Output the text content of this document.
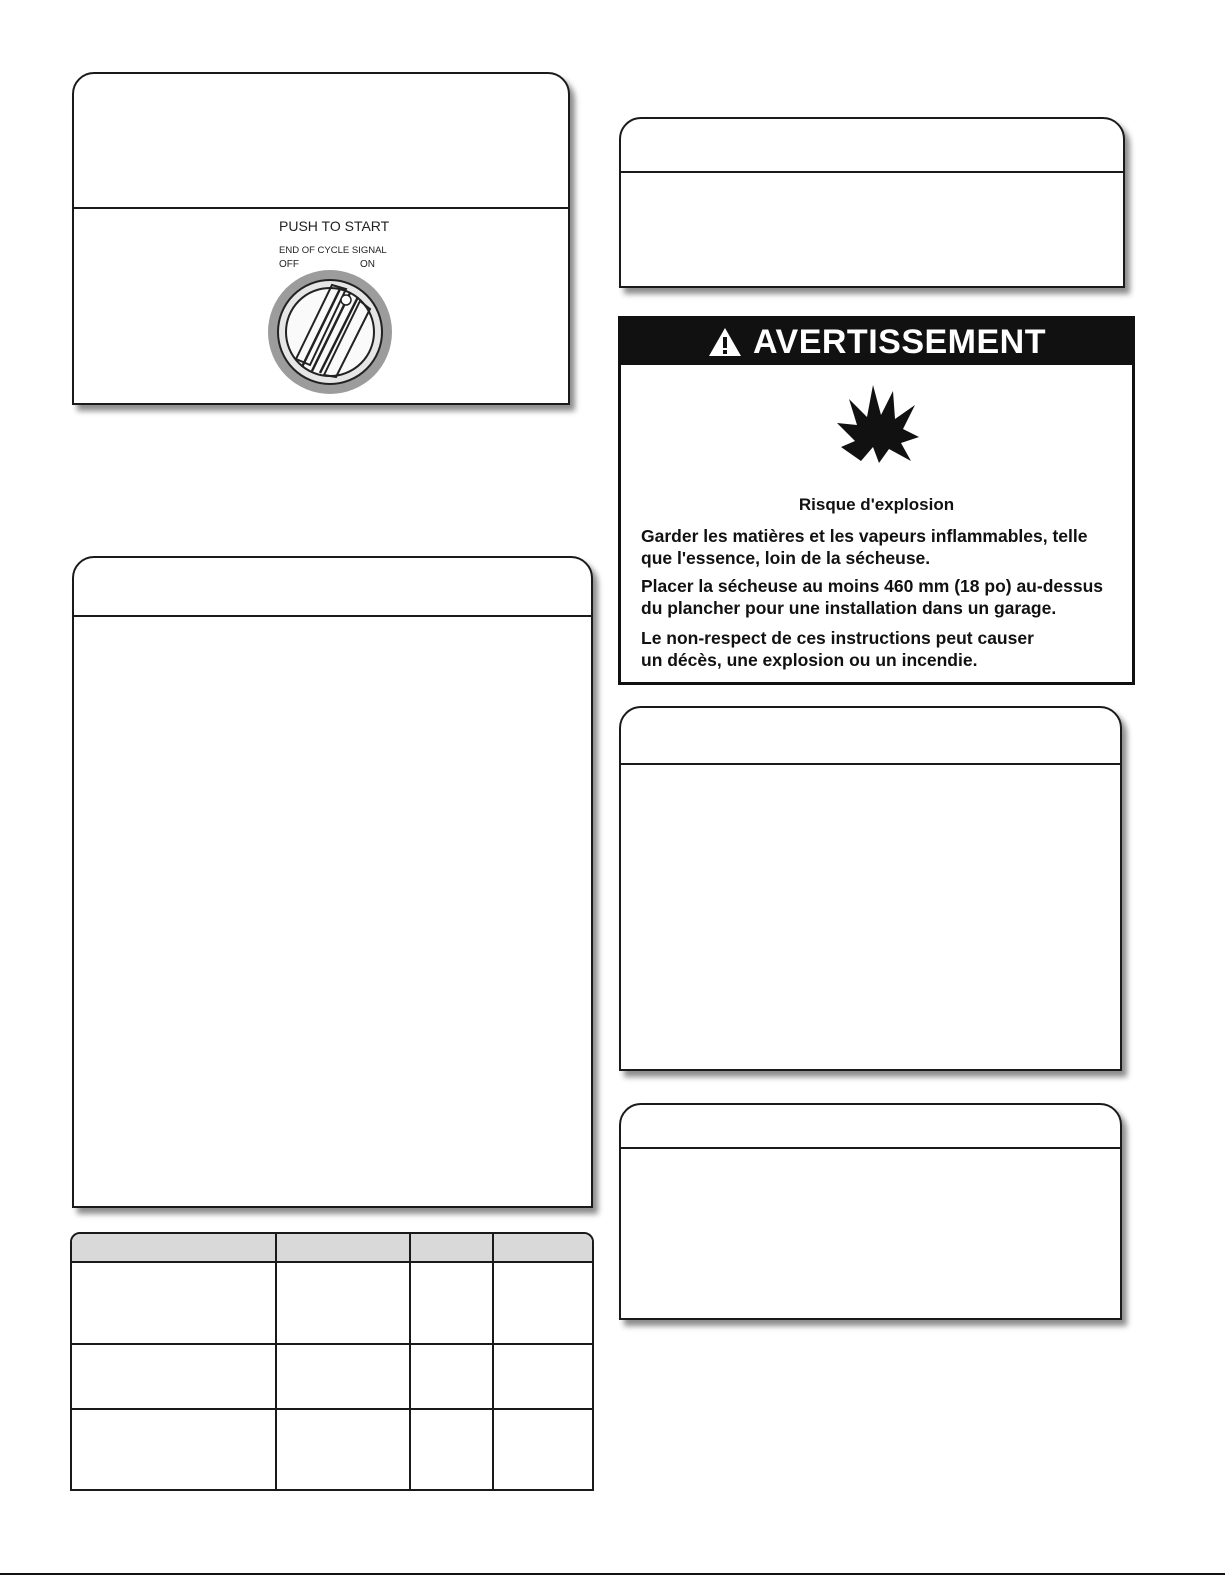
PUSH TO START
END OF CYCLE SIGNAL
OFF	ON
AVERTISSEMENT
Risque d'explosion
Garder les matières et les vapeurs inflammables, telle que l'essence, loin de la sécheuse.
Placer la sécheuse au moins 460 mm (18 po) au-dessus du plancher pour une installation dans un garage.
Le non-respect de ces instructions peut causer un décès, une explosion ou un incendie.
